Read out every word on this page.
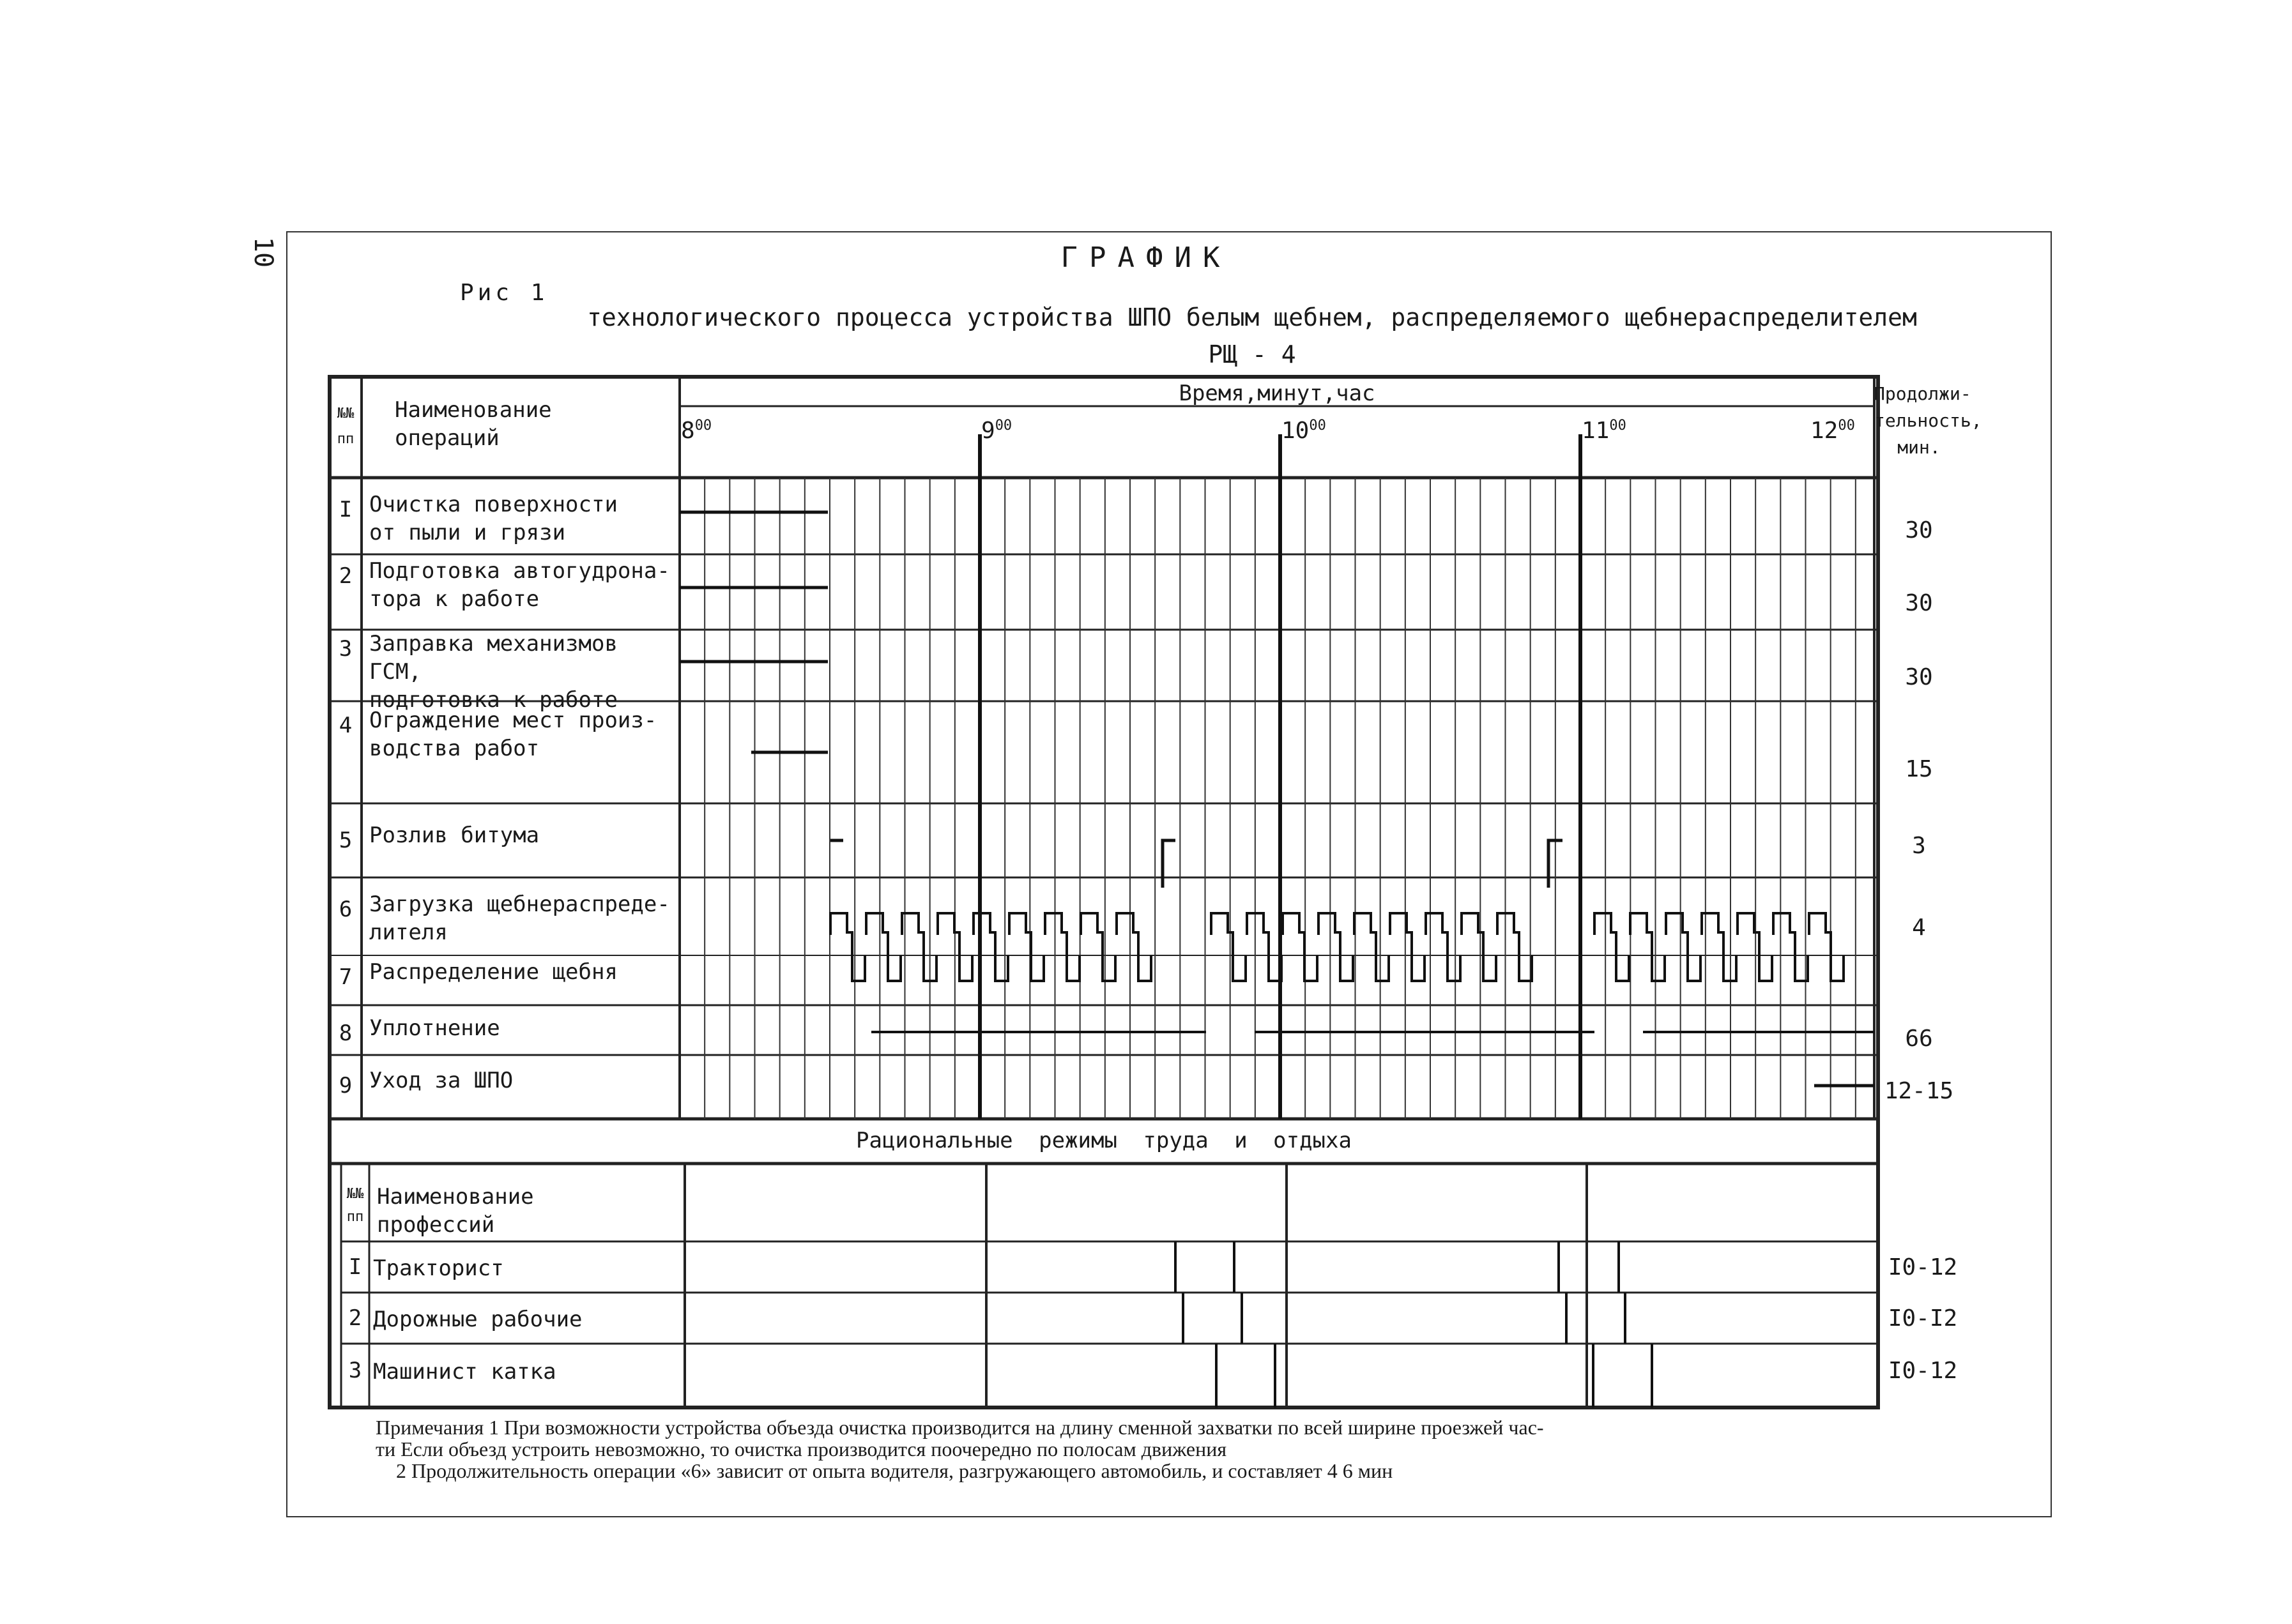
10	ГРАФИК
Рис 1
технологического процесса устройства ШПО белым щебнем, распределяемого щебнераспределителем
РЩ - 4
№№
пп
Наименование
операций
Время,минут,час	Продолжи-
тельность,
мин.
$8^{00}$	$9^{00}$	$10^{00}$	$11^{00}$	$12^{00}$
I Очистка поверхности
от пыли и грязи	30
2 Подготовка автогудрона-
тора к работе	30
3 Заправка механизмов ГСМ,
подготовка к работе
30
4 Ограждение мест произ-
водства работ
15
5 Розлив битума	3
6 Загрузка щебнераспреде-
лителя	4
7 Распределение щебня
8 Уплотнение	66
9 Уход за ШПО	12-15
Рациональные режимы труда и отдыха
№№
пп
Наименование
профессий
I Тракторист	I0-12
2 Дорожные рабочие	I0-I2
3 Машинист катка	I0-12

Примечания 1 При возможности устройства объезда очистка производится на длину сменной захватки по всей ширине проезжей час-

ти Если объезд устроить невозможно, то очистка производится поочередно по полосам движения

2 Продолжительность операции «6» зависит от опыта водителя, разгружающего автомобиль, и составляет 4 6 мин
